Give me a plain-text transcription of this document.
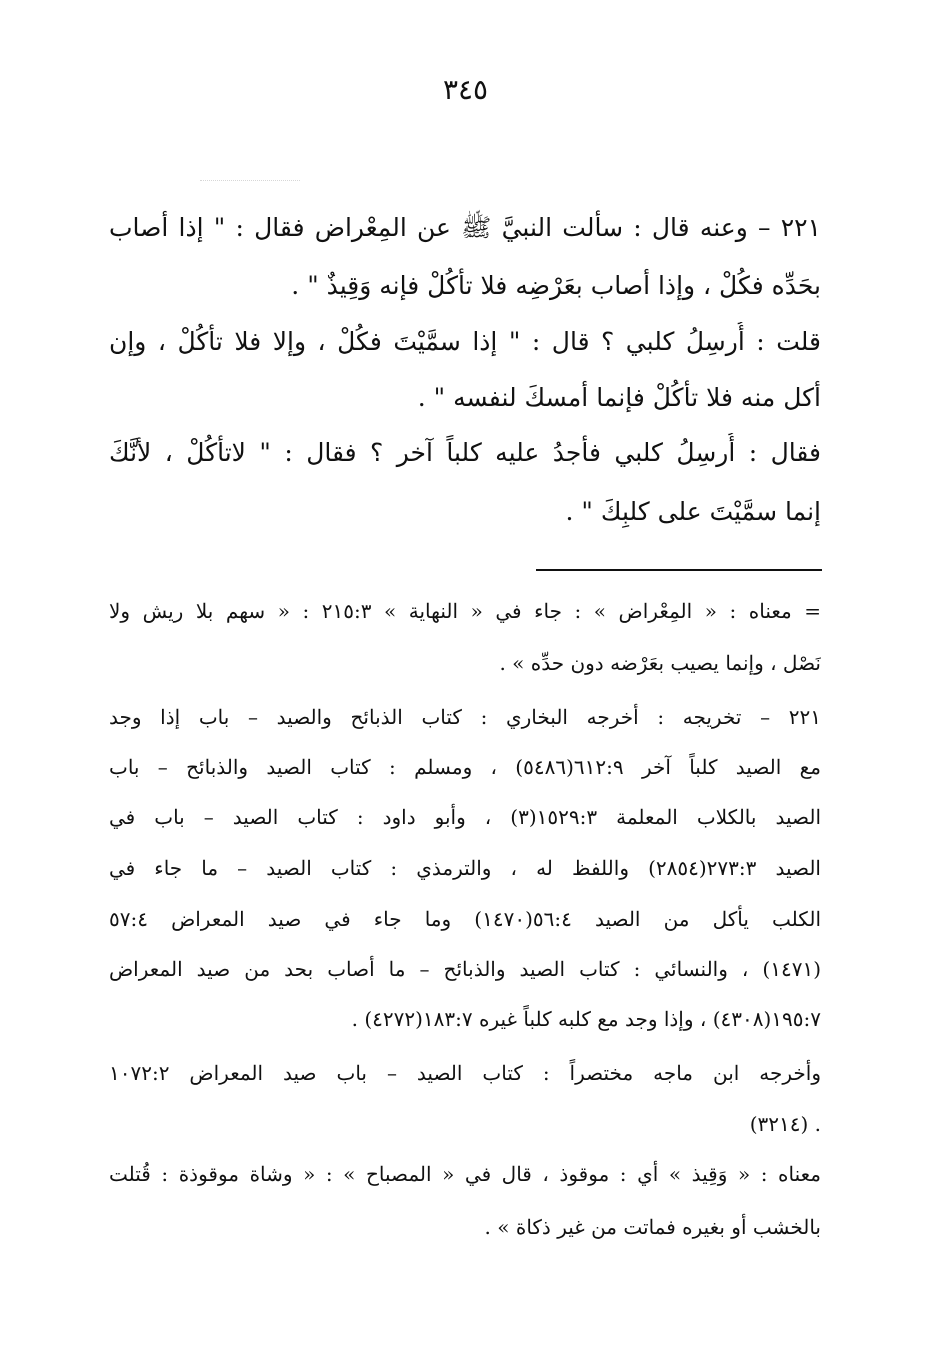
٣٤٥
٢٢١ – وعنه قال : سألت النبيَّ ﷺ عن المِعْراض فقال : " إذا أصاب
بحَدِّه فكُلْ ، وإذا أصاب بعَرْضِه فلا تأكُلْ فإنه وَقِيذٌ " .
قلت : أُرسِلُ كلبي ؟ قال : " إذا سمَّيْتَ فكُلْ ، وإلا فلا تأكُلْ ، وإن
أكل منه فلا تأكُلْ فإنما أمسكَ لنفسه " .
فقال : أُرسِلُ كلبي فأجدُ عليه كلباً آخر ؟ فقال : " لاتأكُلْ ، لأنَّكَ
إنما سمَّيْتَ على كلبِكَ " .
= معناه : « المِعْراض » : جاء في « النهاية » ٢١٥:٣ : « سهم بلا ريش ولا
نَصْل ، وإنما يصيب بعَرْضه دون حدِّه » .
٢٢١ – تخريجه : أخرجه البخاري : كتاب الذبائح والصيد – باب إذا وجد
مع الصيد كلباً آخر ٦١٢:٩(٥٤٨٦) ، ومسلم : كتاب الصيد والذبائح – باب
الصيد بالكلاب المعلمة ١٥٢٩:٣(٣) ، وأبو داود : كتاب الصيد – باب في
الصيد ٢٧٣:٣(٢٨٥٤) واللفظ له ، والترمذي : كتاب الصيد – ما جاء في
الكلب يأكل من الصيد ٥٦:٤(١٤٧٠) وما جاء في صيد المعراض ٥٧:٤
(١٤٧١) ، والنسائي : كتاب الصيد والذبائح – ما أصاب بحد من صيد المعراض
١٩٥:٧(٤٣٠٨) ، وإذا وجد مع كلبه كلباً غيره ١٨٣:٧(٤٢٧٢) .
وأخرجه ابن ماجه مختصراً : كتاب الصيد – باب صيد المعراض ١٠٧٢:٢
(٣٢١٤) .
معناه : « وَقِيذ » أي : موقوذ ، قال في « المصباح » : « وشاة موقوذة : قُتلت
بالخشب أو بغيره فماتت من غير ذكاة » .
